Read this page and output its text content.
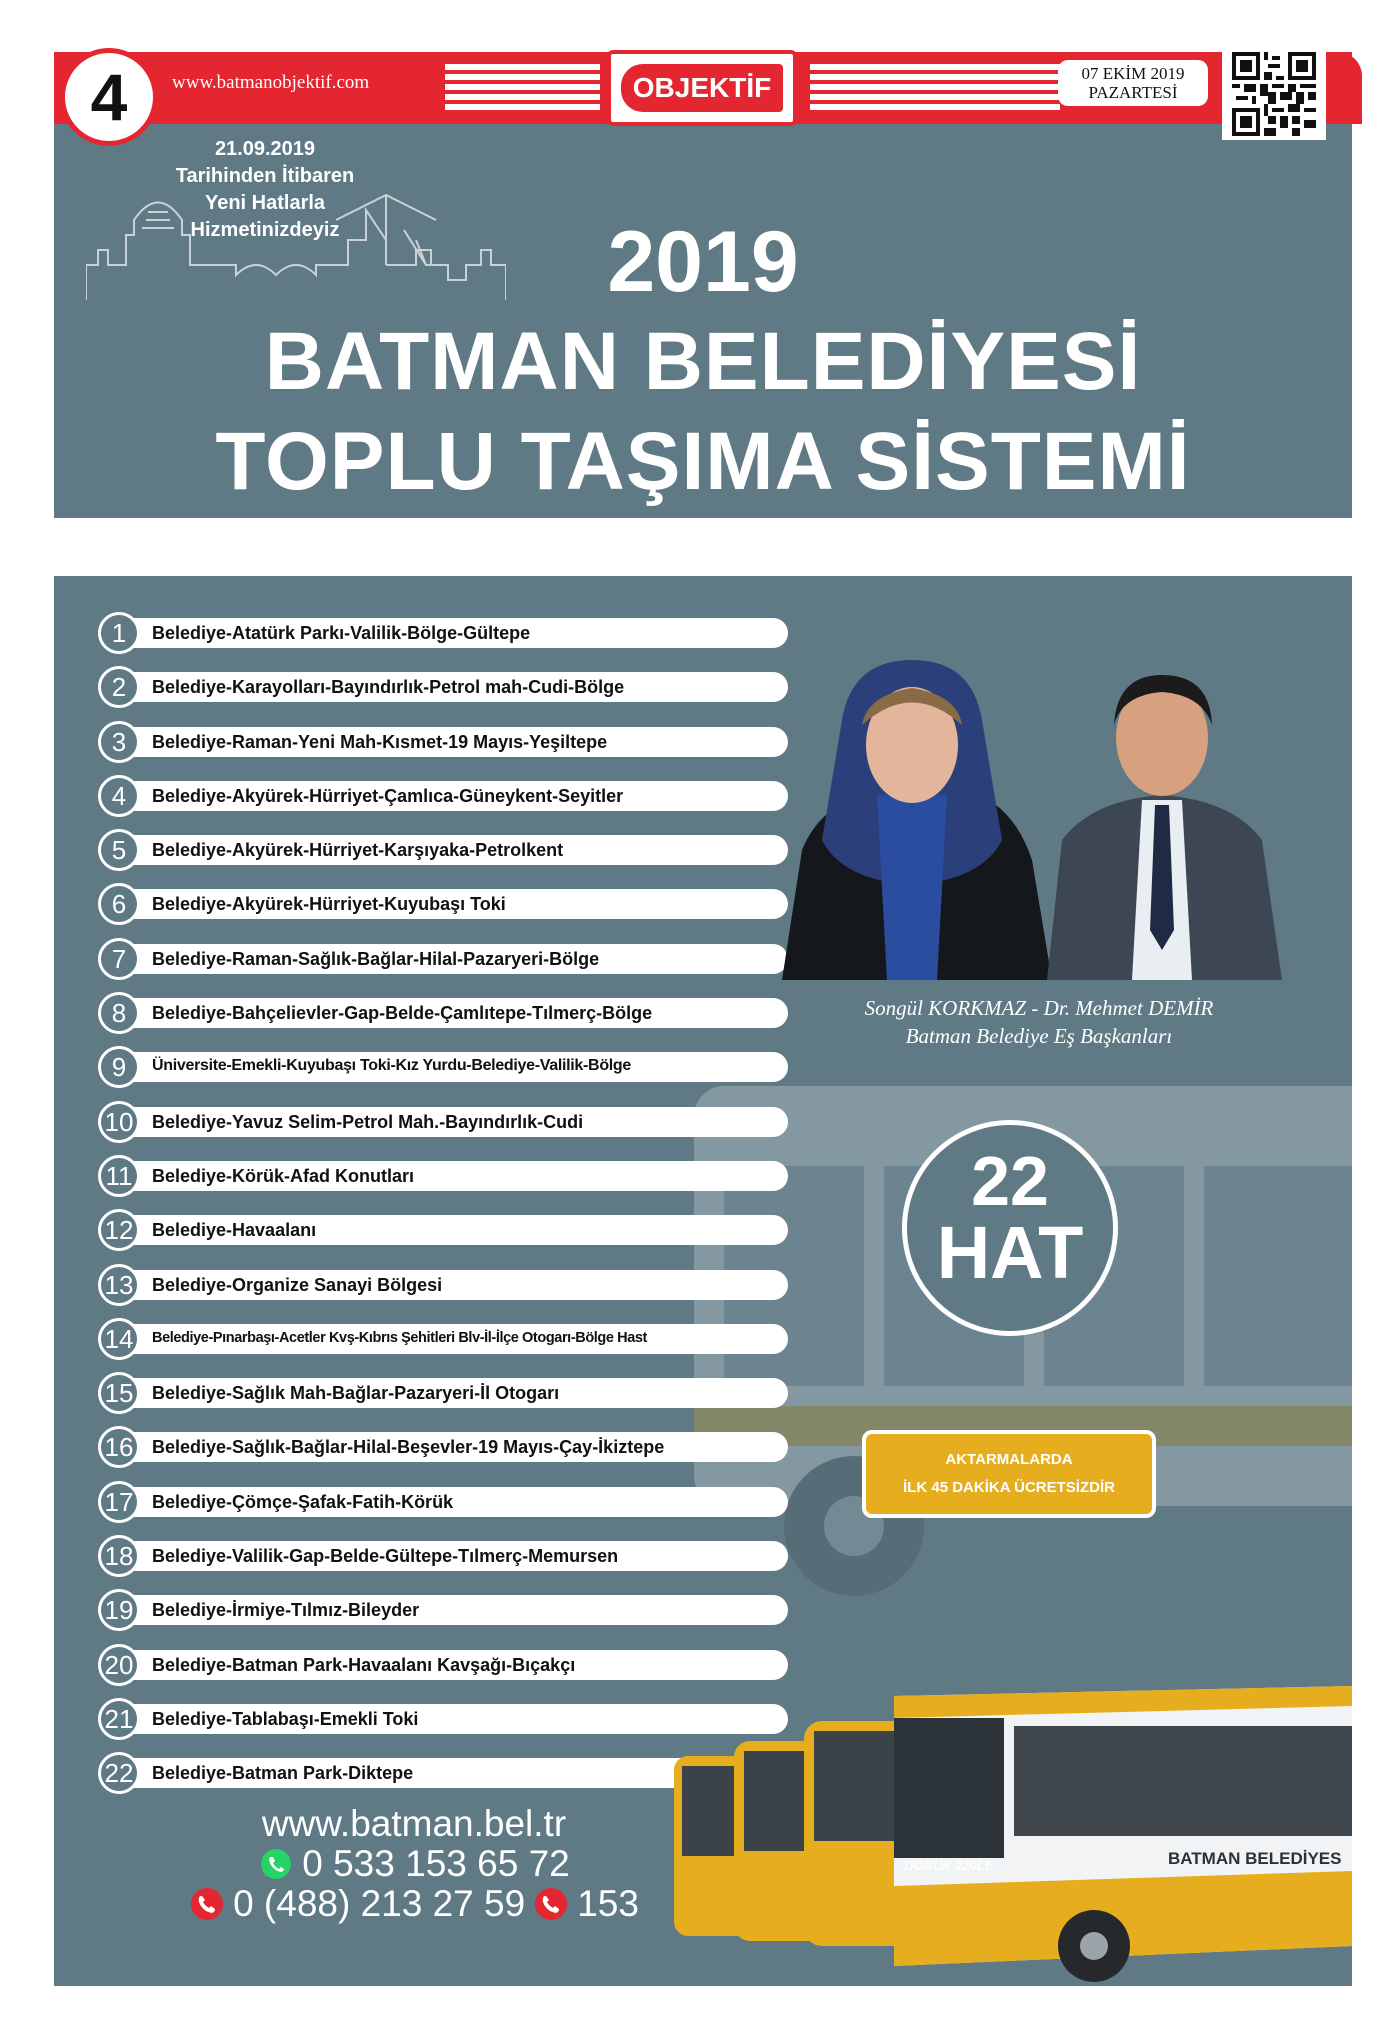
4	www.batmanobjektif.com	OBJEKTİF	07 EKİM 2019
PAZARTESİ
21.09.2019
Tarihinden İtibaren
Yeni Hatlarla
Hizmetinizdeyiz	2019
BATMAN BELEDİYESİ
TOPLU TAŞIMA SİSTEMİ
1	Belediye-Atatürk Parkı-Valilik-Bölge-Gültepe
2	Belediye-Karayolları-Bayındırlık-Petrol mah-Cudi-Bölge
3	Belediye-Raman-Yeni Mah-Kısmet-19 Mayıs-Yeşiltepe
4	Belediye-Akyürek-Hürriyet-Çamlıca-Güneykent-Seyitler
5	Belediye-Akyürek-Hürriyet-Karşıyaka-Petrolkent
6	Belediye-Akyürek-Hürriyet-Kuyubaşı Toki
7	Belediye-Raman-Sağlık-Bağlar-Hilal-Pazaryeri-Bölge
8	Belediye-Bahçelievler-Gap-Belde-Çamlıtepe-Tılmerç-Bölge
9	Üniversite-Emekli-Kuyubaşı Toki-Kız Yurdu-Belediye-Valilik-Bölge
10	Belediye-Yavuz Selim-Petrol Mah.-Bayındırlık-Cudi
11	Belediye-Körük-Afad Konutları
12	Belediye-Havaalanı
13	Belediye-Organize Sanayi Bölgesi
14	Belediye-Pınarbaşı-Acetler Kvş-Kıbrıs Şehitleri Blv-İl-İlçe Otogarı-Bölge Hast
15	Belediye-Sağlık Mah-Bağlar-Pazaryeri-İl Otogarı
16	Belediye-Sağlık-Bağlar-Hilal-Beşevler-19 Mayıs-Çay-İkiztepe
17	Belediye-Çömçe-Şafak-Fatih-Körük
18	Belediye-Valilik-Gap-Belde-Gültepe-Tılmerç-Memursen
19	Belediye-İrmiye-Tılmız-Bileyder
20	Belediye-Batman Park-Havaalanı Kavşağı-Bıçakçı
21	Belediye-Tablabaşı-Emekli Toki
22	Belediye-Batman Park-Diktepe
Songül KORKMAZ - Dr. Mehmet DEMİR
Batman Belediye Eş Başkanları
22
HAT
AKTARMALARDA
İLK 45 DAKİKA ÜCRETSİZDİR
DORUK 220LE	BATMAN BELEDİYES
www.batman.bel.tr
0 533 153 65 72
0 (488) 213 27 59 153
